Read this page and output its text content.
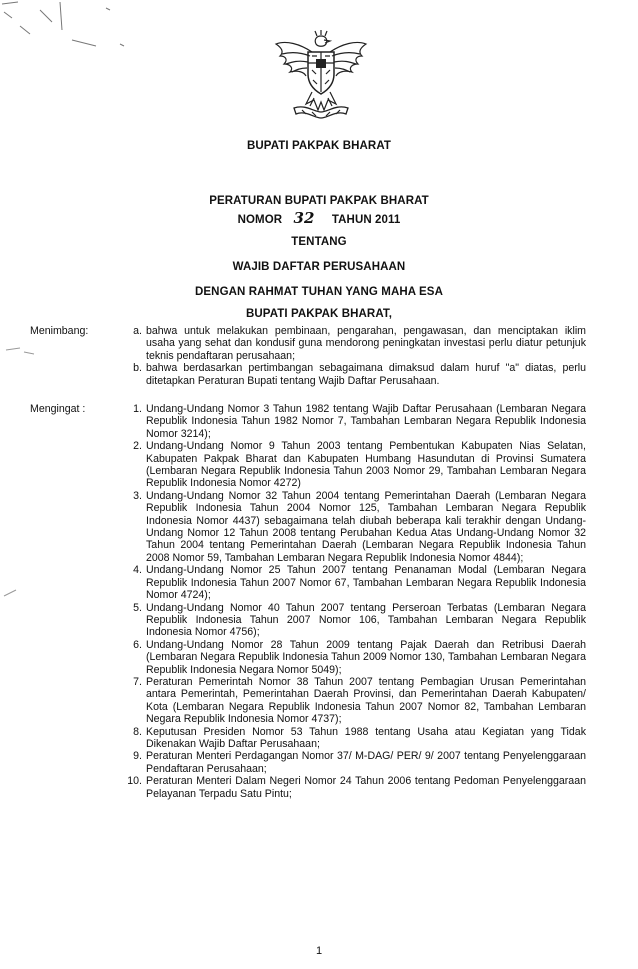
BUPATI PAKPAK BHARAT
PERATURAN BUPATI PAKPAK BHARAT
NOMOR 32 TAHUN 2011
TENTANG
WAJIB DAFTAR PERUSAHAAN
DENGAN RAHMAT TUHAN YANG MAHA ESA
BUPATI PAKPAK BHARAT,
Menimbang:	a. bahwa untuk melakukan pembinaan, pengarahan, pengawasan, dan menciptakan iklim usaha yang sehat dan kondusif guna mendorong peningkatan investasi perlu diatur petunjuk teknis pendaftaran perusahaan;
b. bahwa berdasarkan pertimbangan sebagaimana dimaksud dalam huruf "a" diatas, perlu ditetapkan Peraturan Bupati tentang Wajib Daftar Perusahaan.
Mengingat :	1. Undang-Undang Nomor 3 Tahun 1982 tentang Wajib Daftar Perusahaan (Lembaran Negara Republik Indonesia Tahun 1982 Nomor 7, Tambahan Lembaran Negara Republik Indonesia Nomor 3214);
2. Undang-Undang Nomor 9 Tahun 2003 tentang Pembentukan Kabupaten Nias Selatan, Kabupaten Pakpak Bharat dan Kabupaten Humbang Hasundutan di Provinsi Sumatera (Lembaran Negara Republik Indonesia Tahun 2003 Nomor 29, Tambahan Lembaran Negara Republik Indonesia Nomor 4272)
3. Undang-Undang Nomor 32 Tahun 2004 tentang Pemerintahan Daerah (Lembaran Negara Republik Indonesia Tahun 2004 Nomor 125, Tambahan Lembaran Negara Republik Indonesia Nomor 4437) sebagaimana telah diubah beberapa kali terakhir dengan Undang-Undang Nomor 12 Tahun 2008 tentang Perubahan Kedua Atas Undang-Undang Nomor 32 Tahun 2004 tentang Pemerintahan Daerah (Lembaran Negara Republik Indonesia Tahun 2008 Nomor 59, Tambahan Lembaran Negara Republik Indonesia Nomor 4844);
4. Undang-Undang Nomor 25 Tahun 2007 tentang Penanaman Modal (Lembaran Negara Republik Indonesia Tahun 2007 Nomor 67, Tambahan Lembaran Negara Republik Indonesia Nomor 4724);
5. Undang-Undang Nomor 40 Tahun 2007 tentang Perseroan Terbatas (Lembaran Negara Republik Indonesia Tahun 2007 Nomor 106, Tambahan Lembaran Negara Republik Indonesia Nomor 4756);
6. Undang-Undang Nomor 28 Tahun 2009 tentang Pajak Daerah dan Retribusi Daerah (Lembaran Negara Republik Indonesia Tahun 2009 Nomor 130, Tambahan Lembaran Negara Republik Indonesia Negara Nomor 5049);
7. Peraturan Pemerintah Nomor 38 Tahun 2007 tentang Pembagian Urusan Pemerintahan antara Pemerintah, Pemerintahan Daerah Provinsi, dan Pemerintahan Daerah Kabupaten/ Kota (Lembaran Negara Republik Indonesia Tahun 2007 Nomor 82, Tambahan Lembaran Negara Republik Indonesia Nomor 4737);
8. Keputusan Presiden Nomor 53 Tahun 1988 tentang Usaha atau Kegiatan yang Tidak Dikenakan Wajib Daftar Perusahaan;
9. Peraturan Menteri Perdagangan Nomor 37/ M-DAG/ PER/ 9/ 2007 tentang Penyelenggaraan Pendaftaran Perusahaan;
10. Peraturan Menteri Dalam Negeri Nomor 24 Tahun 2006 tentang Pedoman Penyelenggaraan Pelayanan Terpadu Satu Pintu;
1
